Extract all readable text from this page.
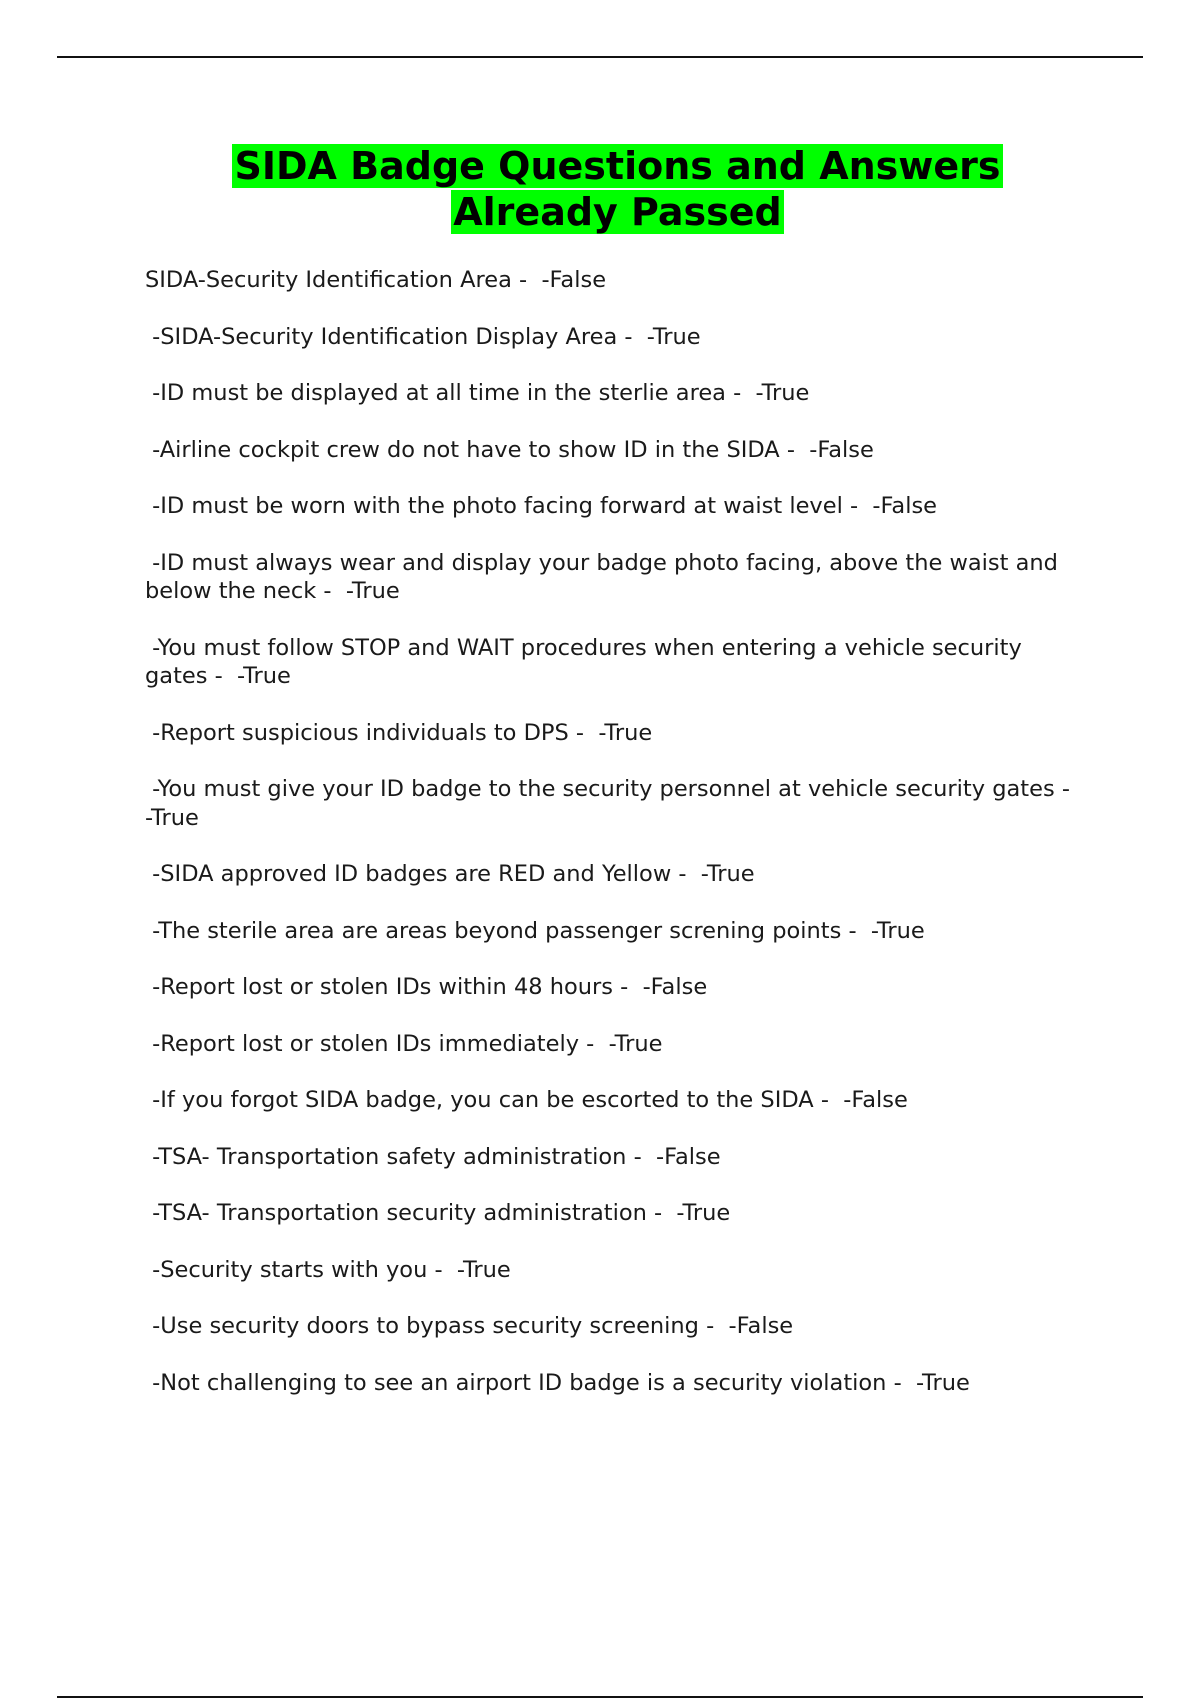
SIDA Badge Questions and Answers
Already Passed
SIDA-Security Identification Area -  -False
-SIDA-Security Identification Display Area -  -True
-ID must be displayed at all time in the sterlie area -  -True
-Airline cockpit crew do not have to show ID in the SIDA -  -False
-ID must be worn with the photo facing forward at waist level -  -False
-ID must always wear and display your badge photo facing, above the waist and below the neck -  -True
-You must follow STOP and WAIT procedures when entering a vehicle security gates -  -True
-Report suspicious individuals to DPS -  -True
-You must give your ID badge to the security personnel at vehicle security gates -  -True
-SIDA approved ID badges are RED and Yellow -  -True
-The sterile area are areas beyond passenger screning points -  -True
-Report lost or stolen IDs within 48 hours -  -False
-Report lost or stolen IDs immediately -  -True
-If you forgot SIDA badge, you can be escorted to the SIDA -  -False
-TSA- Transportation safety administration -  -False
-TSA- Transportation security administration -  -True
-Security starts with you -  -True
-Use security doors to bypass security screening -  -False
-Not challenging to see an airport ID badge is a security violation -  -True
